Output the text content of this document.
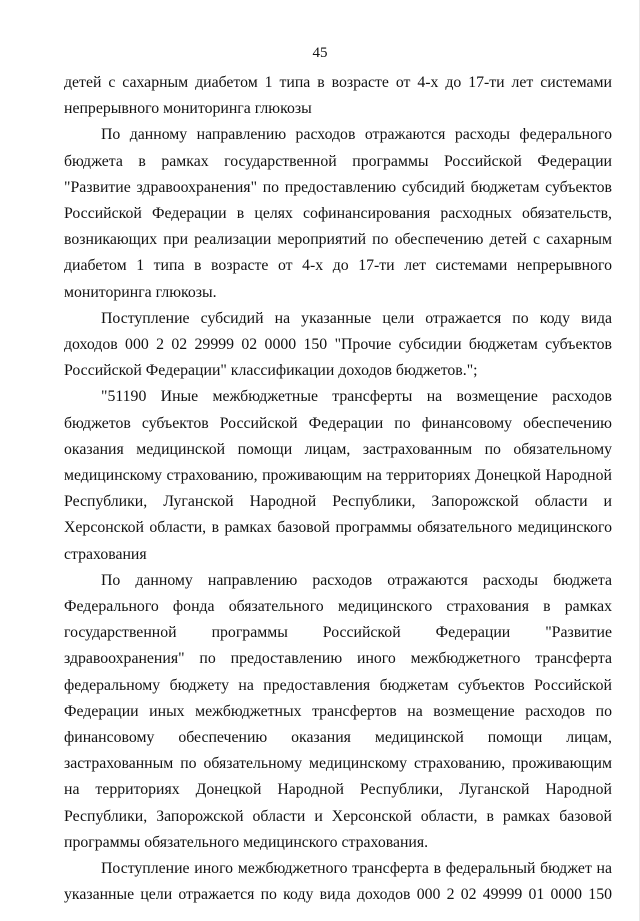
45

детей с сахарным диабетом 1 типа в возрасте от 4-х до 17-ти лет системами непрерывного мониторинга глюкозы

По данному направлению расходов отражаются расходы федерального бюджета в рамках государственной программы Российской Федерации "Развитие здравоохранения" по предоставлению субсидий бюджетам субъектов Российской Федерации в целях софинансирования расходных обязательств, возникающих при реализации мероприятий по обеспечению детей с сахарным диабетом 1 типа в возрасте от 4-х до 17-ти лет системами непрерывного мониторинга глюкозы.

Поступление субсидий на указанные цели отражается по коду вида доходов 000 2 02 29999 02 0000 150 "Прочие субсидии бюджетам субъектов Российской Федерации" классификации доходов бюджетов.";

"51190 Иные межбюджетные трансферты на возмещение расходов бюджетов субъектов Российской Федерации по финансовому обеспечению оказания медицинской помощи лицам, застрахованным по обязательному медицинскому страхованию, проживающим на территориях Донецкой Народной Республики, Луганской Народной Республики, Запорожской области и Херсонской области, в рамках базовой программы обязательного медицинского страхования

По данному направлению расходов отражаются расходы бюджета Федерального фонда обязательного медицинского страхования в рамках государственной программы Российской Федерации "Развитие здравоохранения" по предоставлению иного межбюджетного трансферта федеральному бюджету на предоставления бюджетам субъектов Российской Федерации иных межбюджетных трансфертов на возмещение расходов по финансовому обеспечению оказания медицинской помощи лицам, застрахованным по обязательному медицинскому страхованию, проживающим на территориях Донецкой Народной Республики, Луганской Народной Республики, Запорожской области и Херсонской области, в рамках базовой программы обязательного медицинского страхования.

Поступление иного межбюджетного трансферта в федеральный бюджет на указанные цели отражается по коду вида доходов 000 2 02 49999 01 0000 150
